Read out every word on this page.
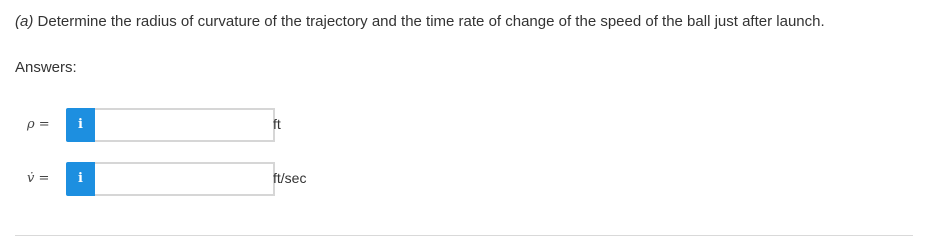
(a) Determine the radius of curvature of the trajectory and the time rate of change of the speed of the ball just after launch.
Answers:
ρ =	i	ft
v̇ =	i	ft/sec
